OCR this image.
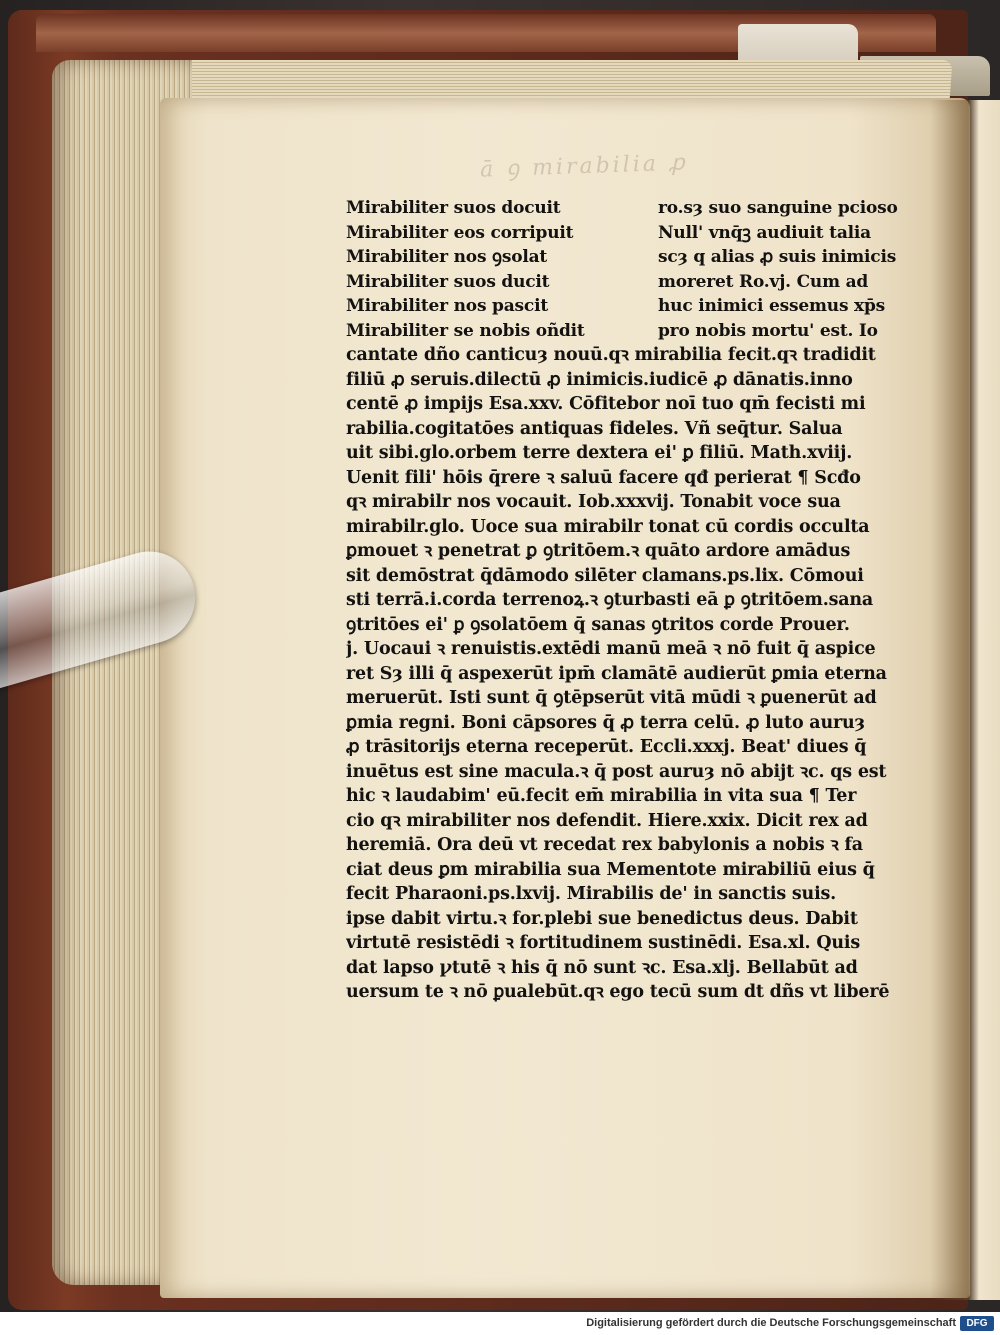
ā ꝯ mirabilia ꝓ
Mirabiliter suos docuit
Mirabiliter eos corripuit
Mirabiliter nos ꝯsolat
Mirabiliter suos ducit
Mirabiliter nos pascit
Mirabiliter se nobis oñdit
ro.sȝ suo sanguine pcioso
Null' vnq̄ꝫ audiuit talia
scȝ q alias ꝓ suis inimicis
moreret Ro.vj. Cum ad
huc inimici essemus xp̄s
pro nobis mortu' est. Io
cantate dño canticuȝ nouū.qꝛ mirabilia fecit.qꝛ tradidit
filiū ꝓ seruis.dilectū ꝓ inimicis.iudicē ꝓ dānatis.inno
centē ꝓ impijs Esa.xxv. Cōfitebor noī tuo qm̄ fecisti mi
rabilia.cogitatōes antiquas fideles. Vñ seq̄tur. Salua
uit sibi.glo.orbem terre dextera ei' ꝑ filiū. Math.xviij.
Uenit fili' hōis q̄rere ꝛ saluū facere qđ perierat ¶ Scđo
qꝛ mirabilr nos vocauit. Iob.xxxvij. Tonabit voce sua
mirabilr.glo. Uoce sua mirabilr tonat cū cordis occulta
ꝑmouet ꝛ penetrat ꝑ ꝯtritōem.ꝛ quāto ardore amādus
sit demōstrat q̄dāmodo silēter clamans.ps.lix. Cōmoui
sti terrā.i.corda terrenoꝝ.ꝛ ꝯturbasti eā ꝑ ꝯtritōem.sana
ꝯtritōes ei' ꝑ ꝯsolatōem q̄ sanas ꝯtritos corde Prouer.
j. Uocaui ꝛ renuistis.extēdi manū meā ꝛ nō fuit q̄ aspice
ret Sȝ illi q̄ aspexerūt ipm̄ clamātē audierūt ꝑmia eterna
meruerūt. Isti sunt q̄ ꝯtēpserūt vitā mūdi ꝛ ꝑuenerūt ad
ꝑmia regni. Boni cāpsores q̄ ꝓ terra celū. ꝓ luto auruȝ
ꝓ trāsitorijs eterna receperūt. Eccli.xxxj. Beat' diues q̄
inuētus est sine macula.ꝛ q̄ post auruȝ nō abijt ꝛc. qs est
hic ꝛ laudabim' eū.fecit em̄ mirabilia in vita sua ¶ Ter
cio qꝛ mirabiliter nos defendit. Hiere.xxix. Dicit rex ad
heremiā. Ora deū vt recedat rex babylonis a nobis ꝛ fa
ciat deus ꝑm mirabilia sua Mementote mirabiliū eius q̄
fecit Pharaoni.ps.lxvij. Mirabilis de' in sanctis suis.
ipse dabit virtu.ꝛ for.plebi sue benedictus deus. Dabit
virtutē resistēdi ꝛ fortitudinem sustinēdi. Esa.xl. Quis
dat lapso ꝩtutē ꝛ his q̄ nō sunt ꝛc. Esa.xlj. Bellabūt ad
uersum te ꝛ nō ꝑualebūt.qꝛ ego tecū sum dt dñs vt liberē
Digitalisierung gefördert durch die Deutsche Forschungsgemeinschaft	DFG
